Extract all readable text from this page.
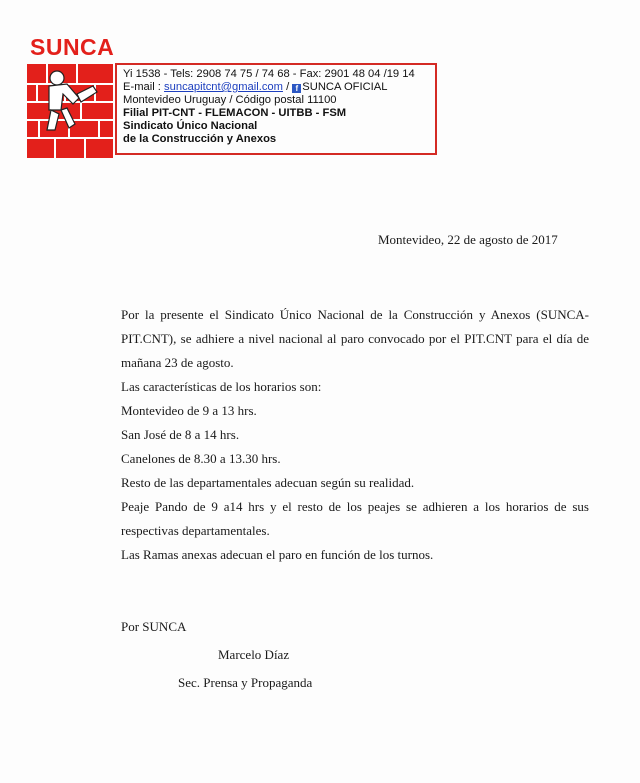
SUNCA
Yi 1538 - Tels: 2908 74 75 / 74 68 - Fax: 2901 48 04 /19 14
E-mail : suncapitcnt@gmail.com / f SUNCA OFICIAL
Montevideo Uruguay / Código postal 11100
Filial PIT-CNT - FLEMACON - UITBB - FSM
Sindicato Único Nacional
de la Construcción y Anexos
Montevideo, 22 de agosto de 2017

Por la presente el Sindicato Único Nacional de la Construcción y Anexos (SUNCA-PIT.CNT), se adhiere a nivel nacional al paro convocado por el PIT.CNT para el día de mañana 23 de agosto.

Las características de los horarios son:

Montevideo de 9 a 13 hrs.

San José de 8 a 14 hrs.

Canelones de 8.30 a 13.30 hrs.

Resto de las departamentales adecuan según su realidad.

Peaje Pando de 9 a14 hrs y el resto de los peajes se adhieren a los horarios de sus respectivas departamentales.

Las Ramas anexas adecuan el paro en función de los turnos.

Por SUNCA
Marcelo Díaz
Sec. Prensa y Propaganda
